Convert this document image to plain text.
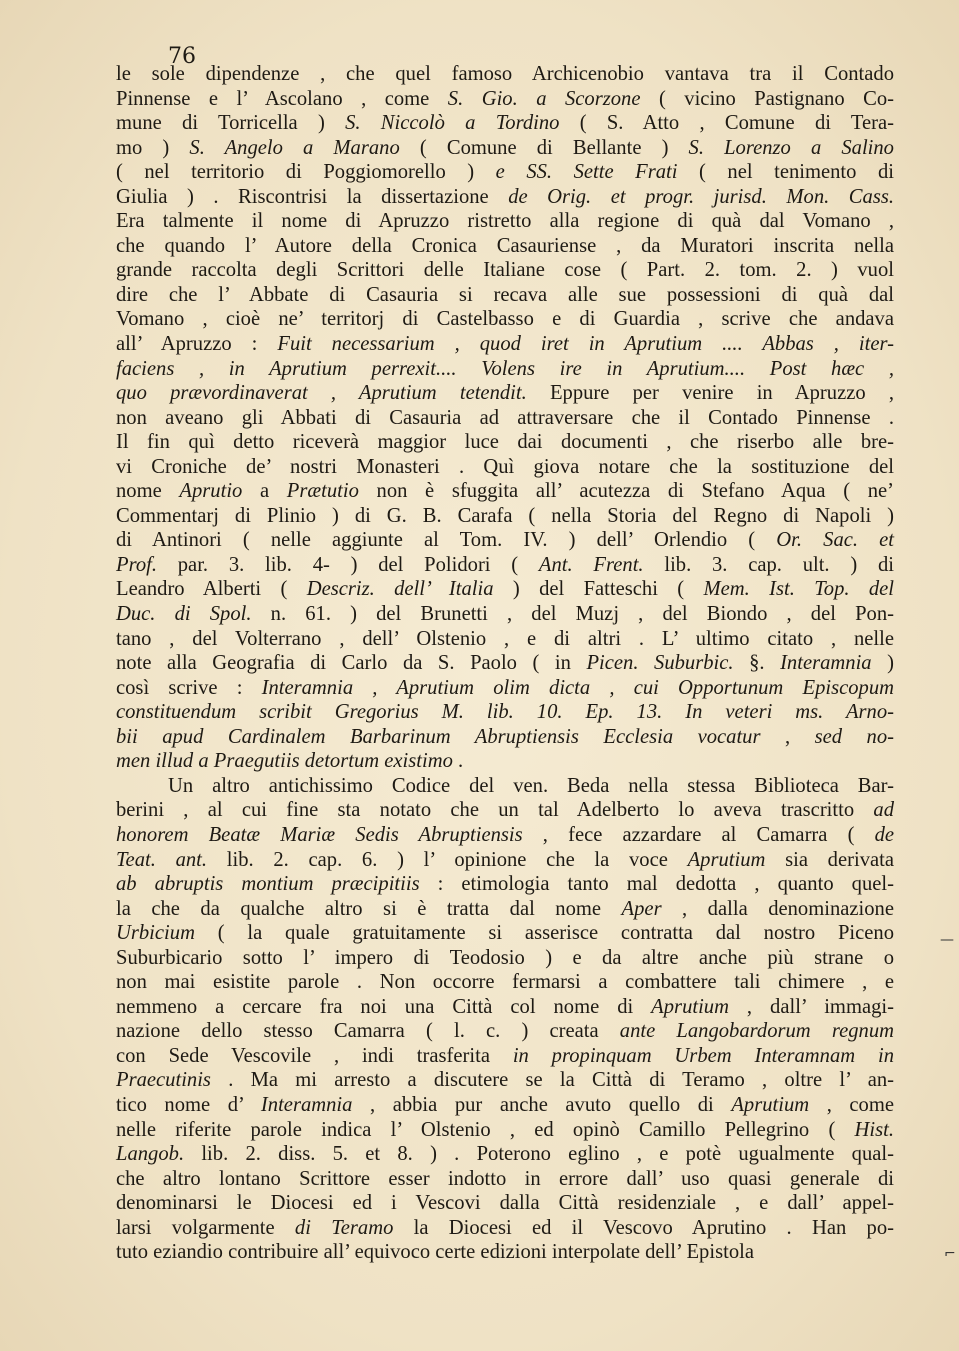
76
le sole dipendenze , che quel famoso Archicenobio vantava tra il Contado
Pinnense e l’ Ascolano , come S. Gio. a Scorzone ( vicino Pastignano Co-
mune di Torricella ) S. Niccolò a Tordino ( S. Atto , Comune di Tera-
mo ) S. Angelo a Marano ( Comune di Bellante ) S. Lorenzo a Salino
( nel territorio di Poggiomorello ) e SS. Sette Frati ( nel tenimento di
Giulia ) . Riscontrisi la dissertazione de Orig. et progr. jurisd. Mon. Cass.
Era talmente il nome di Apruzzo ristretto alla regione di quà dal Vomano ,
che quando l’ Autore della Cronica Casauriense , da Muratori inscrita nella
grande raccolta degli Scrittori delle Italiane cose ( Part. 2. tom. 2. ) vuol
dire che l’ Abbate di Casauria si recava alle sue possessioni di quà dal
Vomano , cioè ne’ territorj di Castelbasso e di Guardia , scrive che andava
all’ Apruzzo : Fuit necessarium , quod iret in Aprutium .... Abbas , iter-
faciens , in Aprutium perrexit.... Volens ire in Aprutium.... Post hæc ,
quo prævordinaverat , Aprutium tetendit. Eppure per venire in Apruzzo ,
non aveano gli Abbati di Casauria ad attraversare che il Contado Pinnense .
Il fin quì detto riceverà maggior luce dai documenti , che riserbo alle bre-
vi Croniche de’ nostri Monasteri . Quì giova notare che la sostituzione del
nome Aprutio a Prætutio non è sfuggita all’ acutezza di Stefano Aqua ( ne’
Commentarj di Plinio ) di G. B. Carafa ( nella Storia del Regno di Napoli )
di Antinori ( nelle aggiunte al Tom. IV. ) dell’ Orlendio ( Or. Sac. et
Prof. par. 3. lib. 4- ) del Polidori ( Ant. Frent. lib. 3. cap. ult. ) di
Leandro Alberti ( Descriz. dell’ Italia ) del Fatteschi ( Mem. Ist. Top. del
Duc. di Spol. n. 61. ) del Brunetti , del Muzj , del Biondo , del Pon-
tano , del Volterrano , dell’ Olstenio , e di altri . L’ ultimo citato , nelle
note alla Geografia di Carlo da S. Paolo ( in Picen. Suburbic. §. Interamnia )
così scrive : Interamnia , Aprutium olim dicta , cui Opportunum Episcopum
constituendum scribit Gregorius M. lib. 10. Ep. 13. In veteri ms. Arno-
bii apud Cardinalem Barbarinum Abruptiensis Ecclesia vocatur , sed no-
men illud a Praegutiis detortum existimo .
Un altro antichissimo Codice del ven. Beda nella stessa Biblioteca Bar-
berini , al cui fine sta notato che un tal Adelberto lo aveva trascritto ad
honorem Beatæ Mariæ Sedis Abruptiensis , fece azzardare al Camarra ( de
Teat. ant. lib. 2. cap. 6. ) l’ opinione che la voce Aprutium sia derivata
ab abruptis montium præcipitiis : etimologia tanto mal dedotta , quanto quel-
la che da qualche altro si è tratta dal nome Aper , dalla denominazione
Urbicium ( la quale gratuitamente si asserisce contratta dal nostro Piceno
Suburbicario sotto l’ impero di Teodosio ) e da altre anche più strane o
non mai esistite parole . Non occorre fermarsi a combattere tali chimere , e
nemmeno a cercare fra noi una Città col nome di Aprutium , dall’ immagi-
nazione dello stesso Camarra ( l. c. ) creata ante Langobardorum regnum
con Sede Vescovile , indi trasferita in propinquam Urbem Interamnam in
Praecutinis . Ma mi arresto a discutere se la Città di Teramo , oltre l’ an-
tico nome d’ Interamnia , abbia pur anche avuto quello di Aprutium , come
nelle riferite parole indica l’ Olstenio , ed opinò Camillo Pellegrino ( Hist.
Langob. lib. 2. diss. 5. et 8. ) . Poterono eglino , e potè ugualmente qual-
che altro lontano Scrittore esser indotto in errore dall’ uso quasi generale di
denominarsi le Diocesi ed i Vescovi dalla Città residenziale , e dall’ appel-
larsi volgarmente di Teramo la Diocesi ed il Vescovo Aprutino . Han po-
tuto eziandio contribuire all’ equivoco certe edizioni interpolate dell’ Epistola
—
⌐
